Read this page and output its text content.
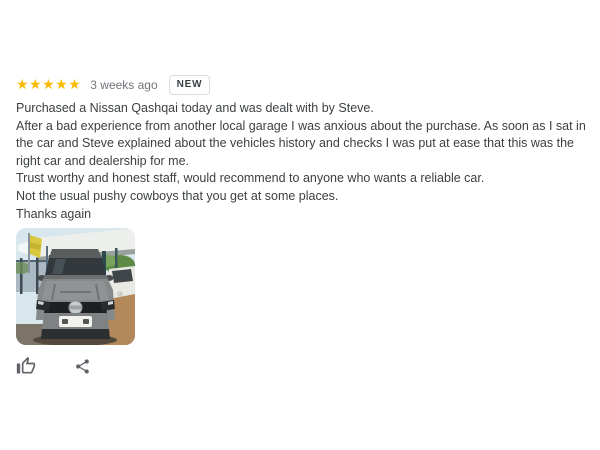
★★★★★ 3 weeks ago	NEW
Purchased a Nissan Qashqai today and was dealt with by Steve.
After a bad experience from another local garage I was anxious about the purchase. As soon as I sat in
the car and Steve explained about the vehicles history and checks I was put at ease that this was the
right car and dealership for me.
Trust worthy and honest staff, would recommend to anyone who wants a reliable car.
Not the usual pushy cowboys that you get at some places.
Thanks again
